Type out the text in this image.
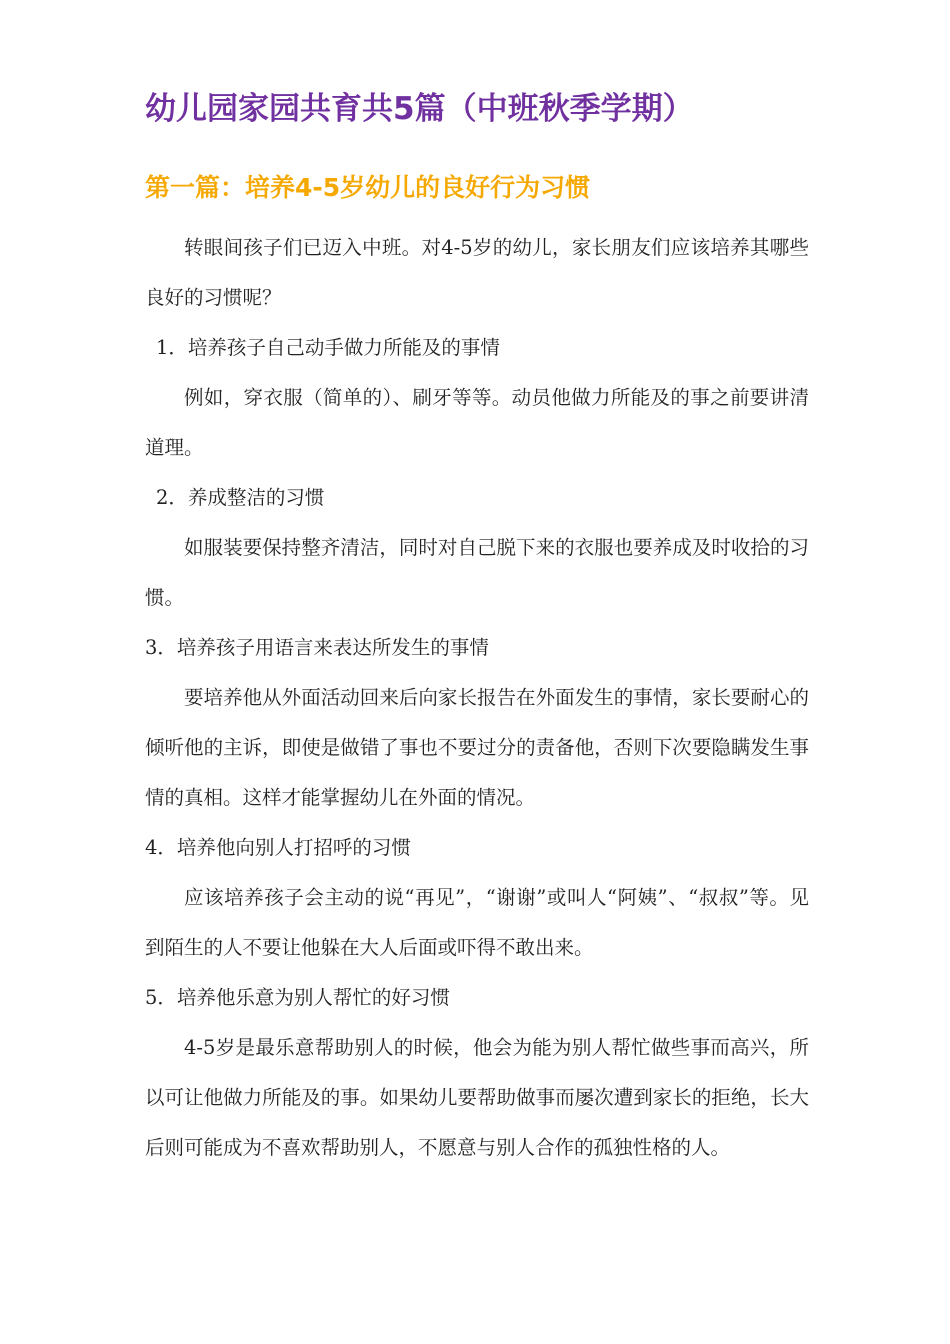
幼儿园家园共育共5篇（中班秋季学期）
第一篇：培养4-5岁幼儿的良好行为习惯

转眼间孩子们已迈入中班。对4-5岁的幼儿，家长朋友们应该培养其哪些良好的习惯呢？

1．培养孩子自己动手做力所能及的事情

例如，穿衣服（简单的）、刷牙等等。动员他做力所能及的事之前要讲清道理。

2．养成整洁的习惯

如服装要保持整齐清洁，同时对自己脱下来的衣服也要养成及时收拾的习惯。

3．培养孩子用语言来表达所发生的事情

要培养他从外面活动回来后向家长报告在外面发生的事情，家长要耐心的倾听他的主诉，即使是做错了事也不要过分的责备他，否则下次要隐瞒发生事情的真相。这样才能掌握幼儿在外面的情况。

4．培养他向别人打招呼的习惯

应该培养孩子会主动的说“再见”，“谢谢”或叫人“阿姨”、“叔叔”等。见到陌生的人不要让他躲在大人后面或吓得不敢出来。

5．培养他乐意为别人帮忙的好习惯

4-5岁是最乐意帮助别人的时候，他会为能为别人帮忙做些事而高兴，所以可让他做力所能及的事。如果幼儿要帮助做事而屡次遭到家长的拒绝，长大后则可能成为不喜欢帮助别人，不愿意与别人合作的孤独性格的人。
